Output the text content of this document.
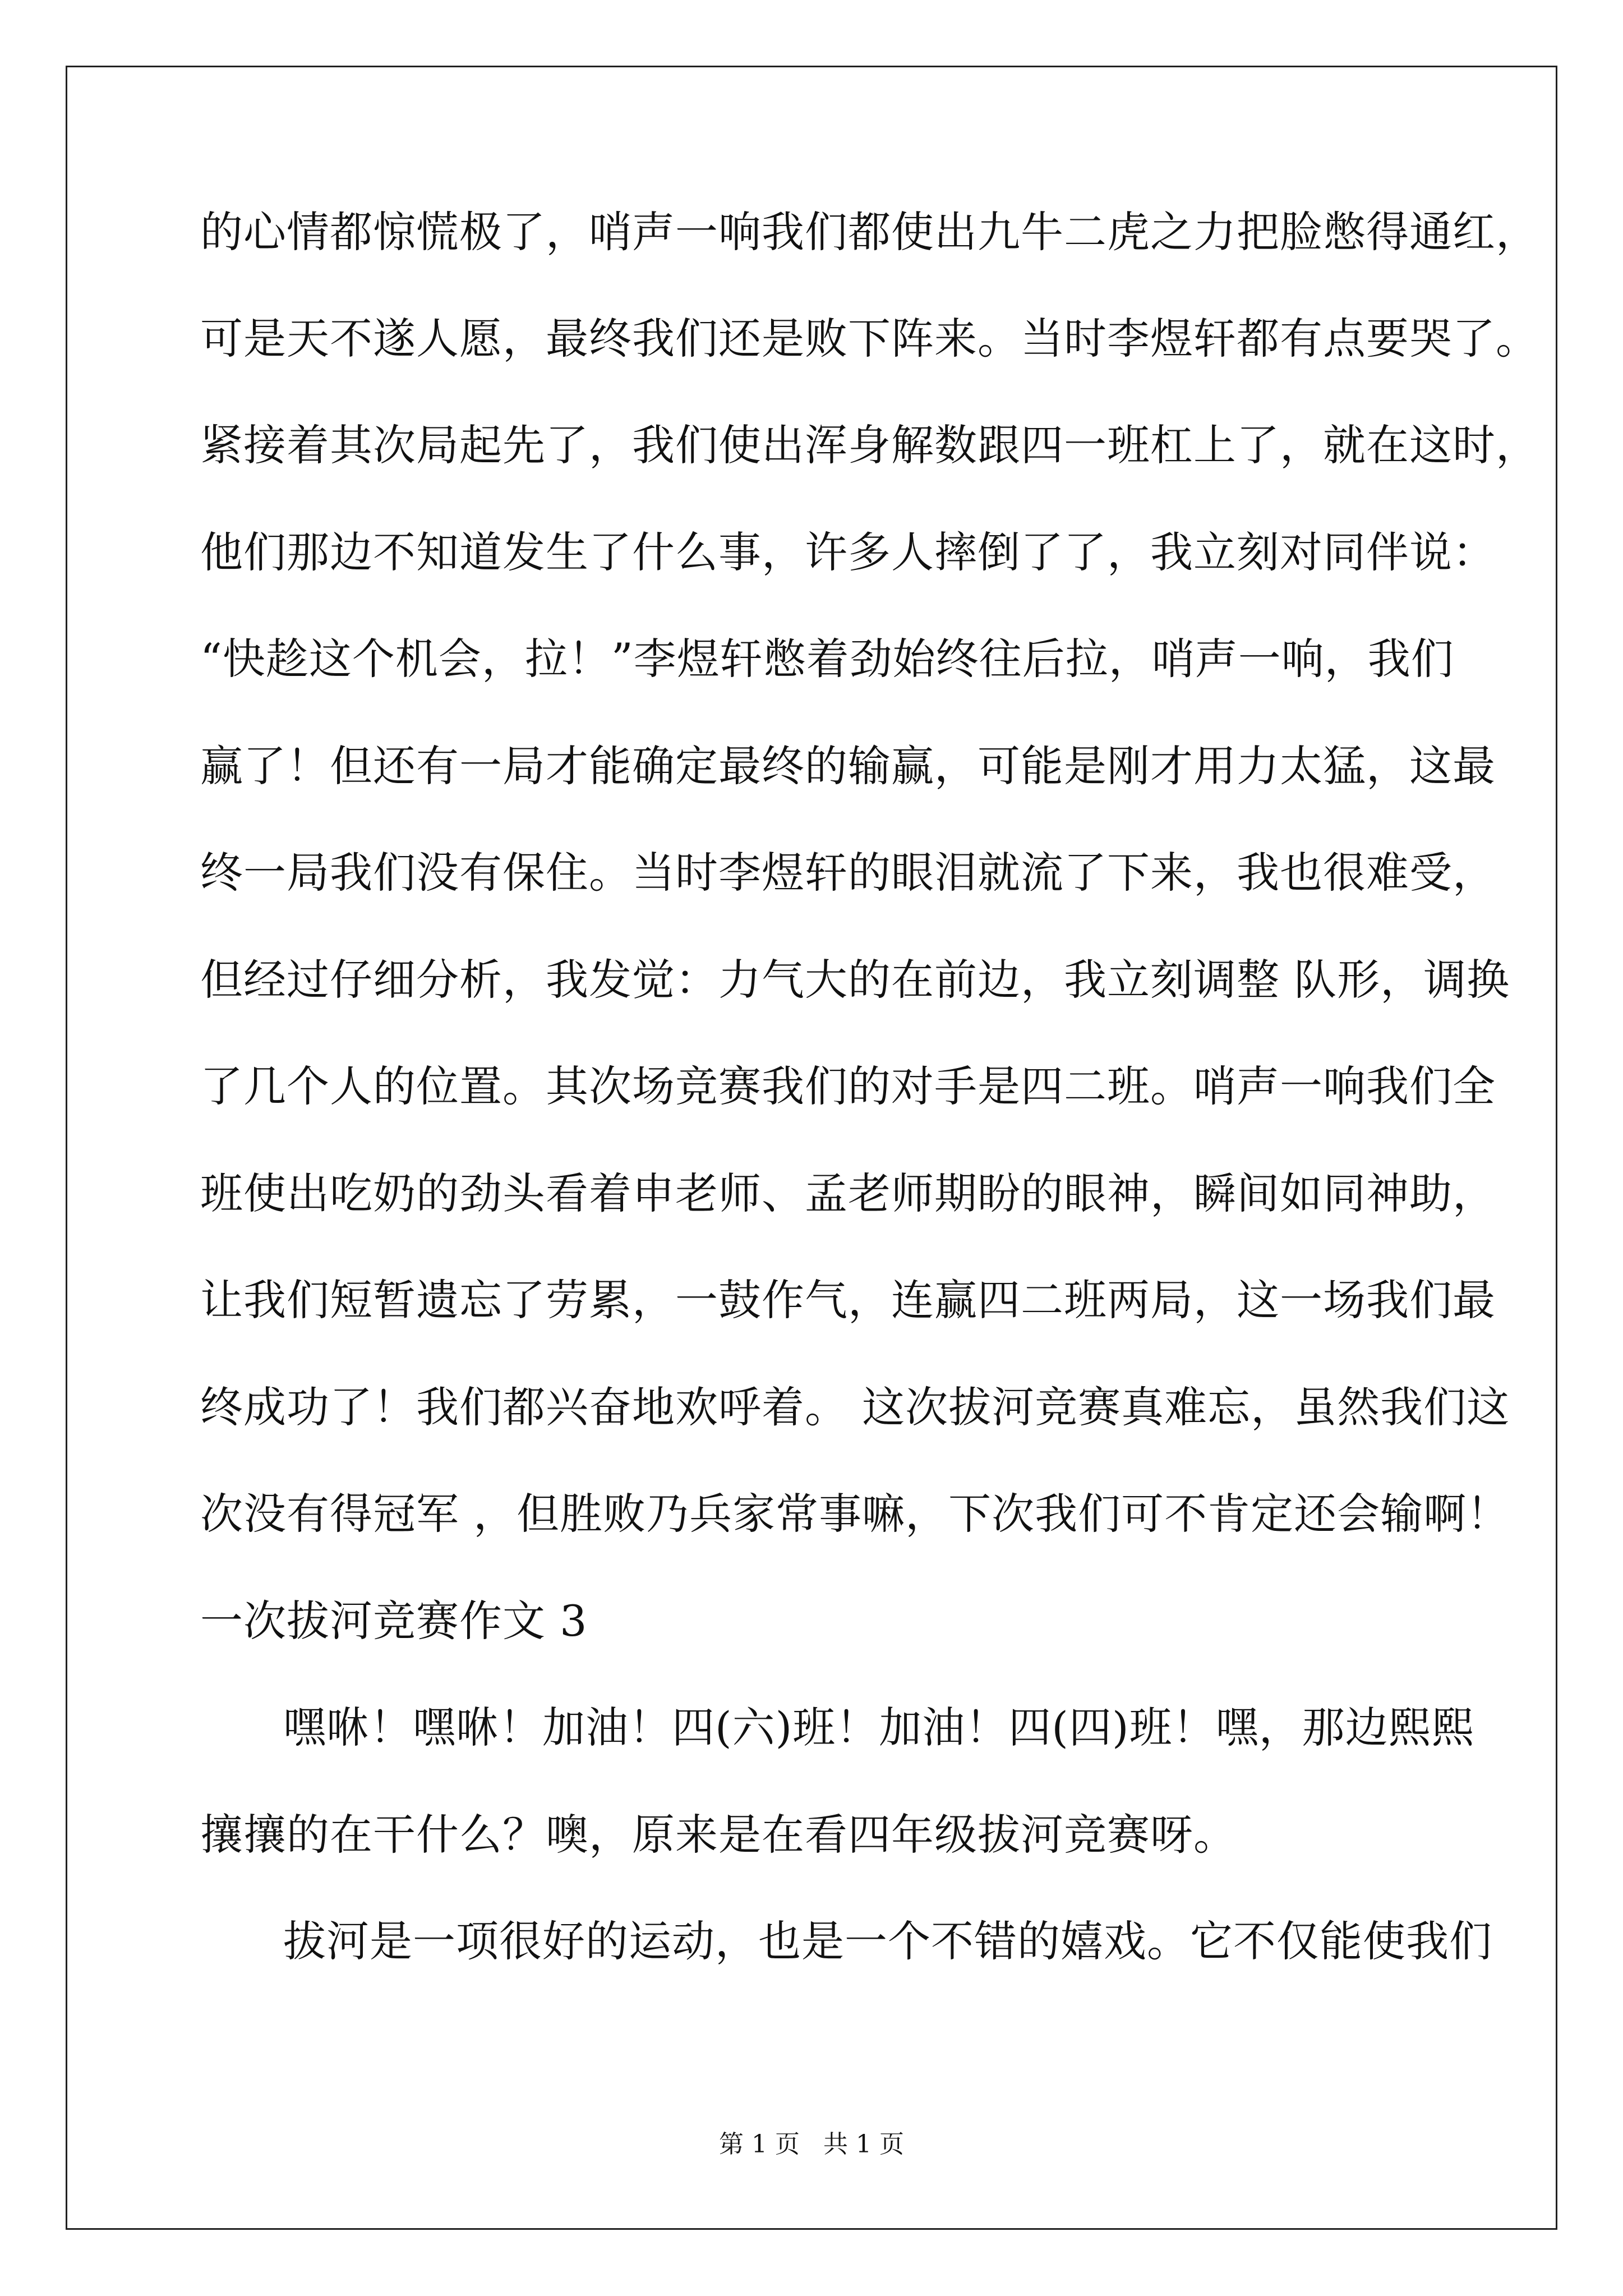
的心情都惊慌极了，哨声一响我们都使出九牛二虎之力把脸憋得通红，
可是天不遂人愿，最终我们还是败下阵来。当时李煜轩都有点要哭了。
紧接着其次局起先了，我们使出浑身解数跟四一班杠上了，就在这时，
他们那边不知道发生了什么事，许多人摔倒了了，我立刻对同伴说：
“快趁这个机会，拉！”李煜轩憋着劲始终往后拉，哨声一响，我们
赢了！但还有一局才能确定最终的输赢，可能是刚才用力太猛，这最
终一局我们没有保住。当时李煜轩的眼泪就流了下来，我也很难受，
但经过仔细分析，我发觉：力气大的在前边，我立刻调整 队形，调换
了几个人的位置。其次场竞赛我们的对手是四二班。哨声一响我们全
班使出吃奶的劲头看着申老师、孟老师期盼的眼神，瞬间如同神助，
让我们短暂遗忘了劳累，一鼓作气，连赢四二班两局，这一场我们最
终成功了！我们都兴奋地欢呼着。 这次拔河竞赛真难忘，虽然我们这
次没有得冠军 ，但胜败乃兵家常事嘛，下次我们可不肯定还会输啊！
一次拔河竞赛作文 3
嘿咻！嘿咻！加油！四(六)班！加油！四(四)班！嘿，那边熙熙
攘攘的在干什么？噢，原来是在看四年级拔河竞赛呀。
拔河是一项很好的运动，也是一个不错的嬉戏。它不仅能使我们
第 1 页   共 1 页
